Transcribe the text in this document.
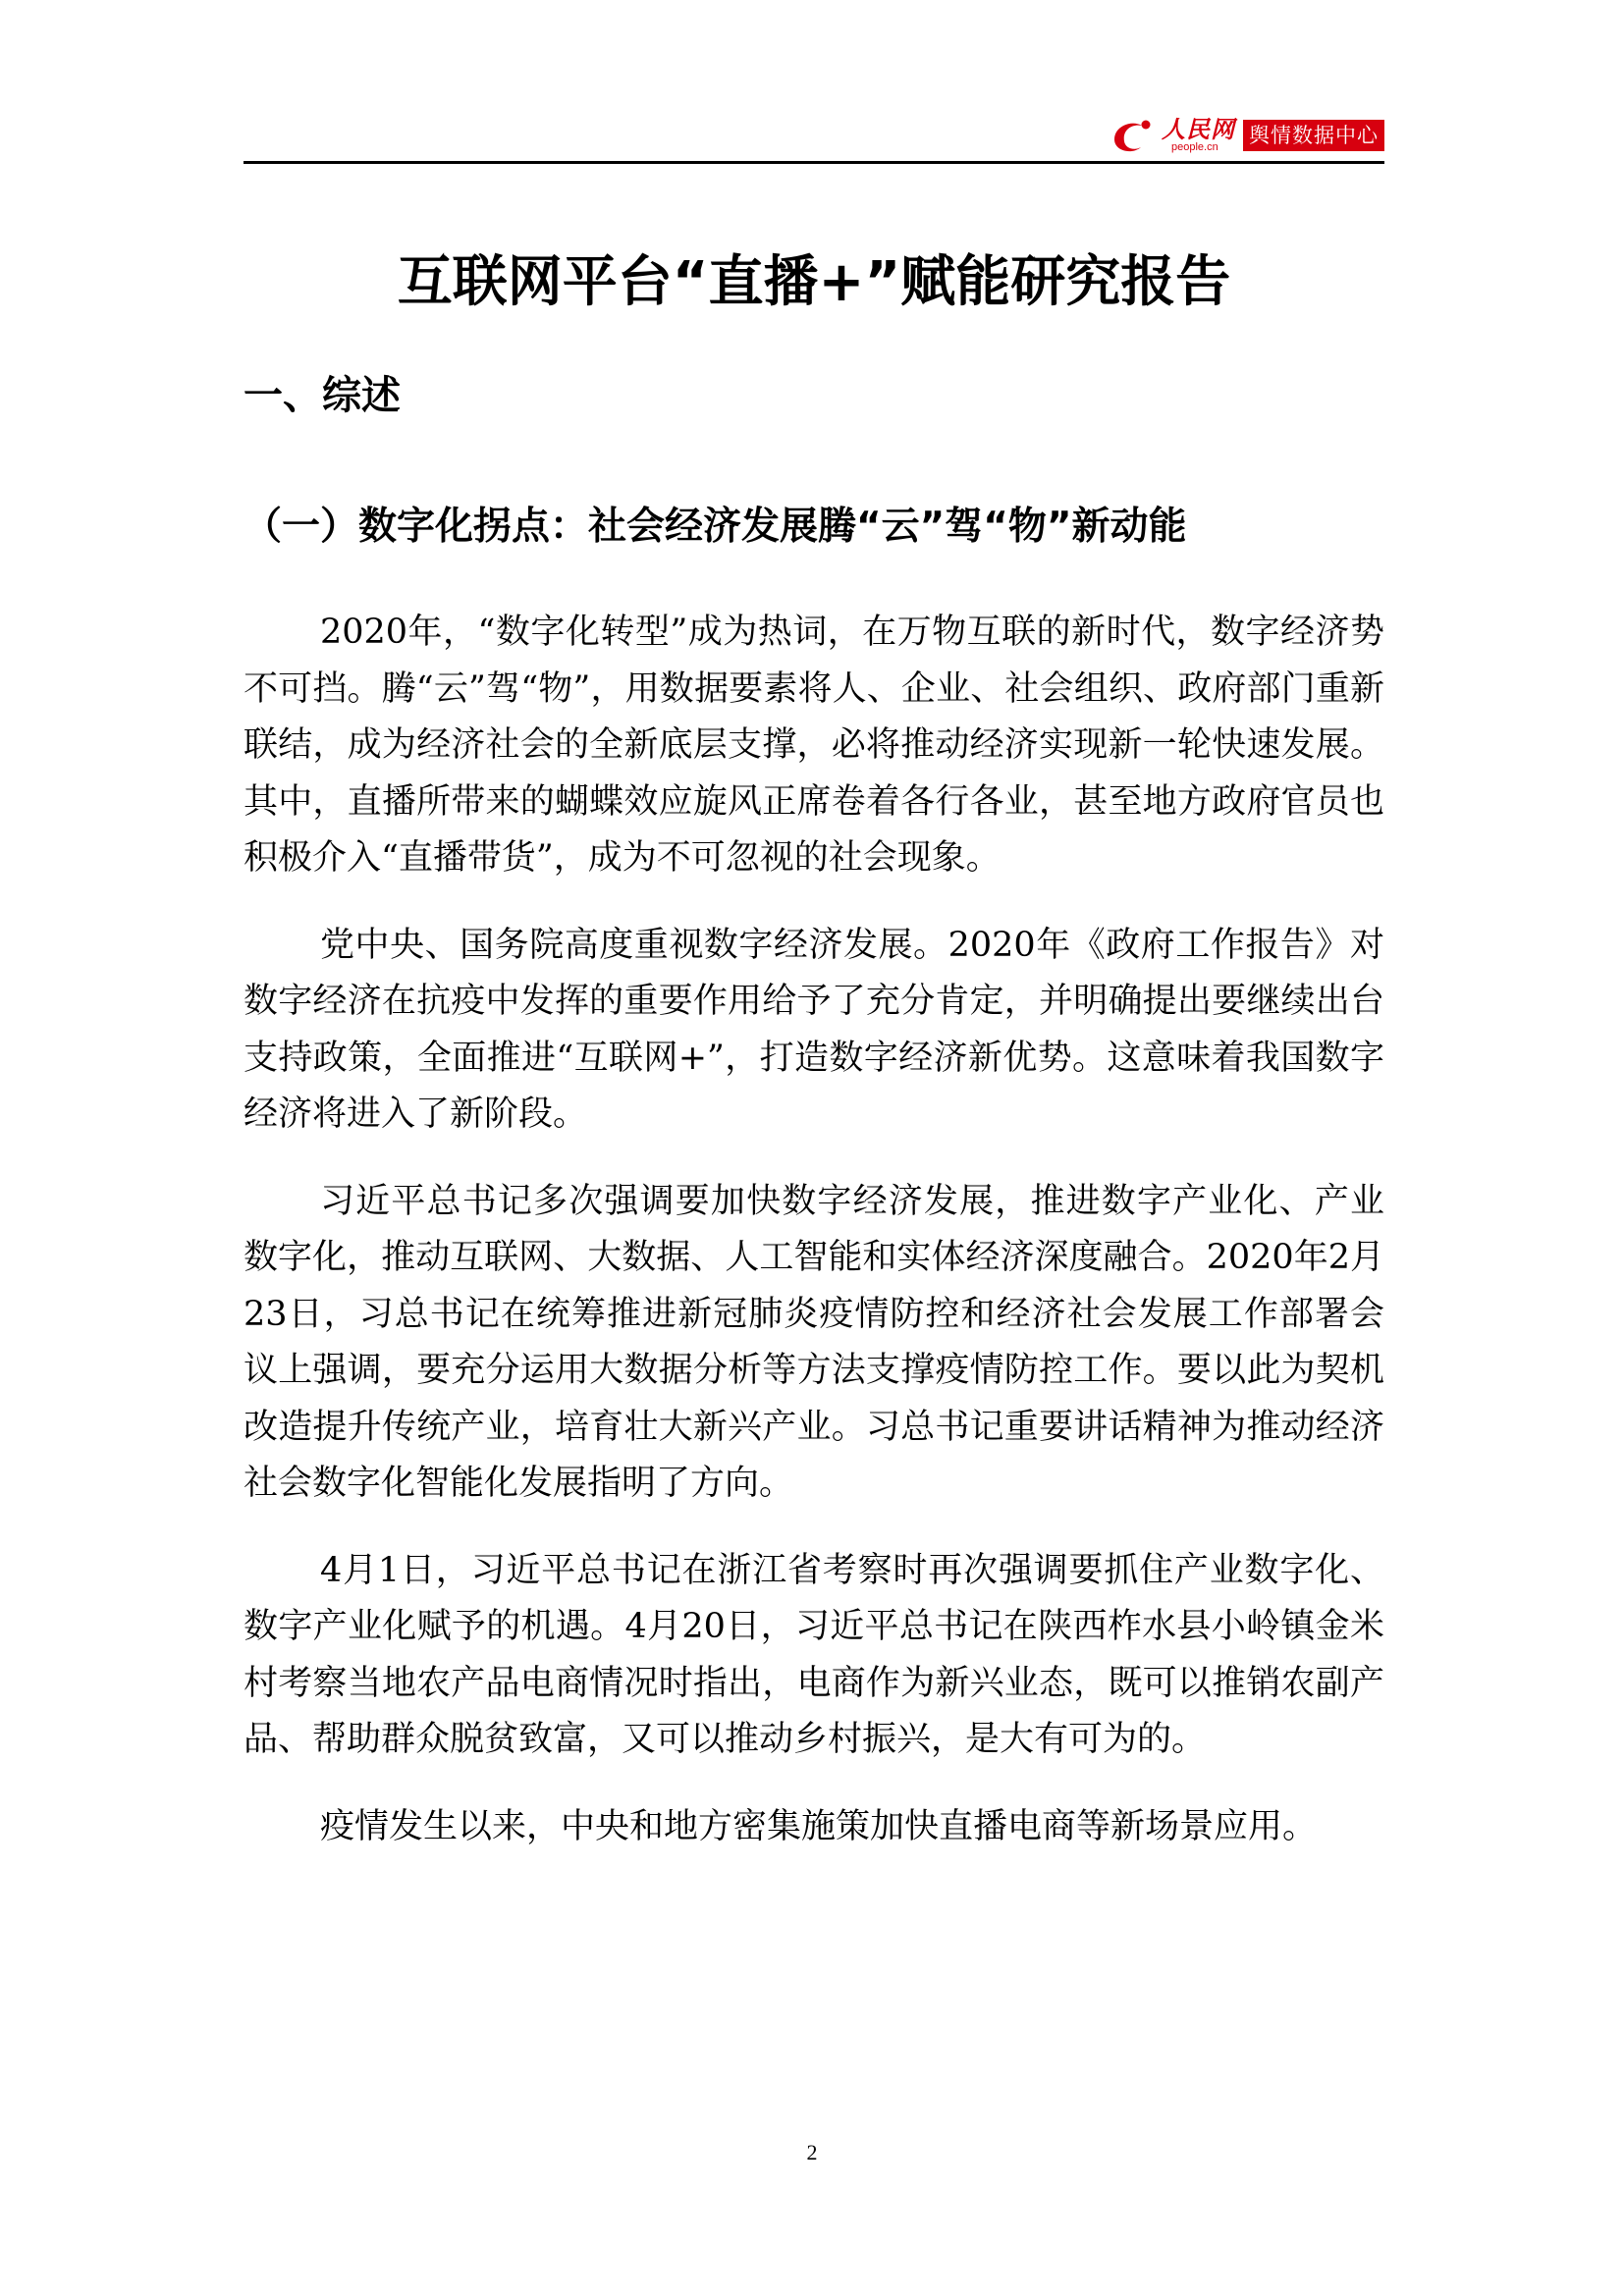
人民网
people.cn 舆情数据中心
互联网平台“直播+”赋能研究报告
一、综述
（一）数字化拐点：社会经济发展腾“云”驾“物”新动能

2020年，“数字化转型”成为热词，在万物互联的新时代，数字经济势不可挡。腾“云”驾“物”，用数据要素将人、企业、社会组织、政府部门重新联结，成为经济社会的全新底层支撑，必将推动经济实现新一轮快速发展。其中，直播所带来的蝴蝶效应旋风正席卷着各行各业，甚至地方政府官员也积极介入“直播带货”，成为不可忽视的社会现象。

党中央、国务院高度重视数字经济发展。2020年《政府工作报告》对数字经济在抗疫中发挥的重要作用给予了充分肯定，并明确提出要继续出台支持政策，全面推进“互联网+”，打造数字经济新优势。这意味着我国数字经济将进入了新阶段。

习近平总书记多次强调要加快数字经济发展，推进数字产业化、产业数字化，推动互联网、大数据、人工智能和实体经济深度融合。2020年2月23日，习总书记在统筹推进新冠肺炎疫情防控和经济社会发展工作部署会议上强调，要充分运用大数据分析等方法支撑疫情防控工作。要以此为契机改造提升传统产业，培育壮大新兴产业。习总书记重要讲话精神为推动经济社会数字化智能化发展指明了方向。

4月1日，习近平总书记在浙江省考察时再次强调要抓住产业数字化、数字产业化赋予的机遇。4月20日，习近平总书记在陕西柞水县小岭镇金米村考察当地农产品电商情况时指出，电商作为新兴业态，既可以推销农副产品、帮助群众脱贫致富，又可以推动乡村振兴，是大有可为的。

疫情发生以来，中央和地方密集施策加快直播电商等新场景应用。

2
